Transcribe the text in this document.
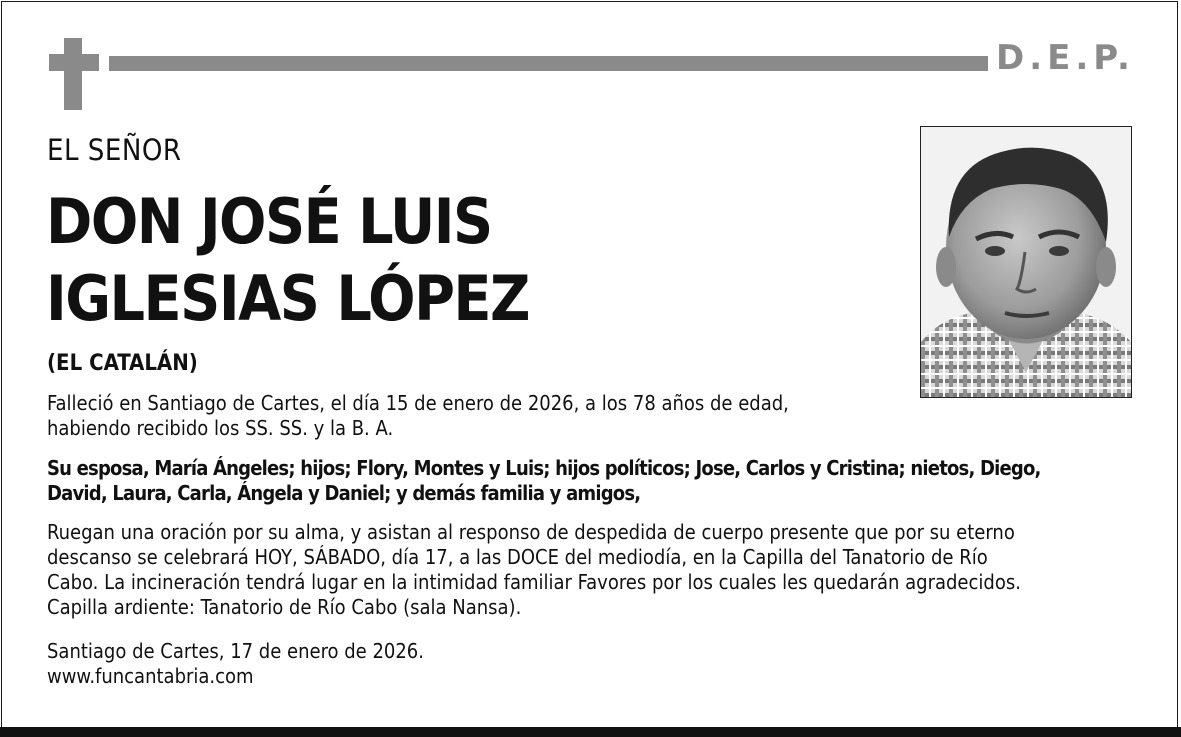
D.E.P.
EL SEÑOR
DON JOSÉ LUIS
IGLESIAS LÓPEZ
(EL CATALÁN)

Falleció en Santiago de Cartes, el día 15 de enero de 2026, a los 78 años de edad,
habiendo recibido los SS. SS. y la B. A.

Su esposa, María Ángeles; hijos; Flory, Montes y Luis; hijos políticos; Jose, Carlos y Cristina; nietos, Diego,
David, Laura, Carla, Ángela y Daniel; y demás familia y amigos,

Ruegan una oración por su alma, y asistan al responso de despedida de cuerpo presente que por su eterno
descanso se celebrará HOY, SÁBADO, día 17, a las DOCE del mediodía, en la Capilla del Tanatorio de Río
Cabo. La incineración tendrá lugar en la intimidad familiar Favores por los cuales les quedarán agradecidos.
Capilla ardiente: Tanatorio de Río Cabo (sala Nansa).

Santiago de Cartes, 17 de enero de 2026.
www.funcantabria.com
